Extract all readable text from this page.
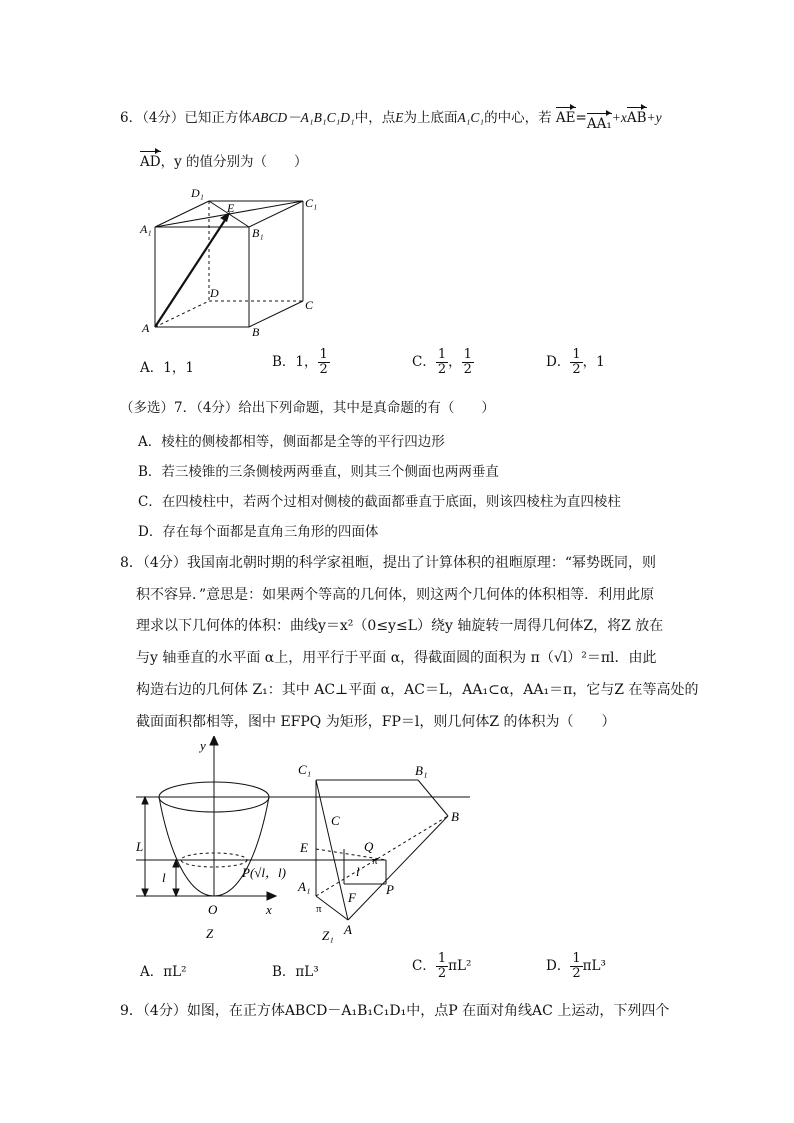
6．（4分）已知正方体ABCD－A₁B₁C₁D₁中，点E为上底面A₁C₁的中心，若 AE=AA₁+xAB+y
AD，y 的值分别为（　　）
D₁
E	C₁
A₁	B₁
D
C
A	B
A．1，1	B．1， $\frac{1}{2}$	C． $\frac{1}{2}$ ， $\frac{1}{2}$	D． $\frac{1}{2}$ ，1
（多选）7．（4分）给出下列命题，其中是真命题的有（　　）
A．棱柱的侧棱都相等，侧面都是全等的平行四边形
B．若三棱锥的三条侧棱两两垂直，则其三个侧面也两两垂直
C．在四棱柱中，若两个过相对侧棱的截面都垂直于底面，则该四棱柱为直四棱柱
D．存在每个面都是直角三角形的四面体
8．（4分）我国南北朝时期的科学家祖暅，提出了计算体积的祖暅原理：“幂势既同，则
积不容异．”意思是：如果两个等高的几何体，则这两个几何体的体积相等．利用此原
理求以下几何体的体积：曲线y＝x²（0≤y≤L）绕y 轴旋转一周得几何体Z，将Z 放在
与y 轴垂直的水平面 α上，用平行于平面 α，得截面圆的面积为 π（√l）²＝πl．由此
构造右边的几何体 Z₁：其中 AC⊥平面 α，AC＝L，AA₁⊂α，AA₁＝π，它与Z 在等高处的
截面面积都相等，图中 EFPQ 为矩形，FP＝l，则几何体Z 的体积为（　　）
y
x
O
Z
L
l	P(√l，l)
C₁	B₁
C	B
E	Q
π
l
A₁
F
P
π
Z₁ A
A．πL²	B．πL³	C． $\frac{1}{2} \pi L^2$	D． $\frac{1}{2} \pi L^3$
9．（4分）如图，在正方体ABCD－A₁B₁C₁D₁中，点P 在面对角线AC 上运动，下列四个
